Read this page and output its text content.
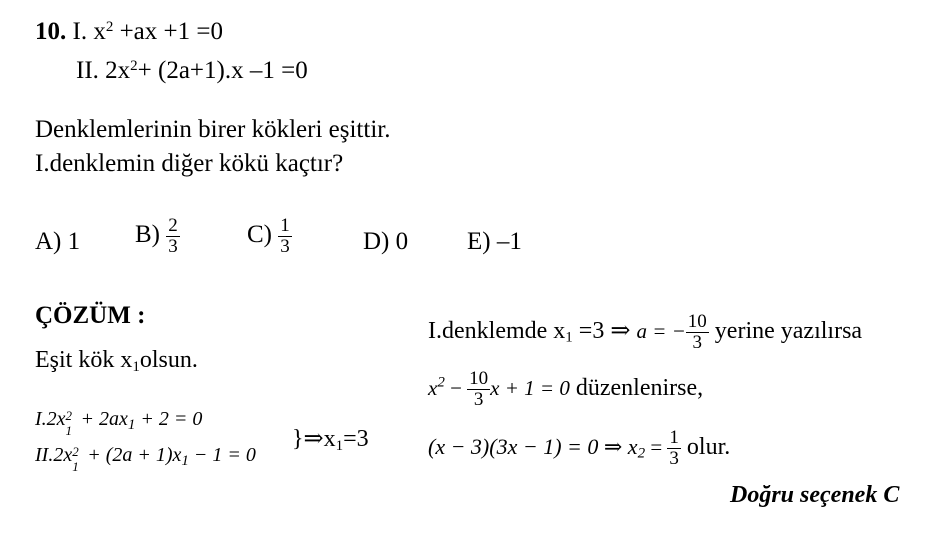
10. I. $x^2 +ax +1 =0$
II. $2x^2+ (2a+1).x$ –1 =0
Denklemlerinin birer kökleri eşittir.
I.denklemin diğer kökü kaçtır?
A) 1 $B) \frac{2}{3}$	$C) \frac{1}{3}$	D) 0 E) –1
ÇÖZÜM :
Eşit kök $x_1olsun$.
I.2x 2
1
+ $2ax_1 + 2 = 0$
II.2x 2
1
+ $(2a + 1)x_1 - 1 = 0$
}$\Rightarrow x_1=3$
I.denklemde $x_1 =3$ ⇒ a = − $\frac{10}{3}$ yerine yazılırsa
$x^2 - \frac{10}{3}$ x + 1 = 0 düzenlenirse,
(x − 3)(3x − 1) = 0 ⇒ $x_2 = \frac{1}{3}$ olur.
Doğru seçenek C
